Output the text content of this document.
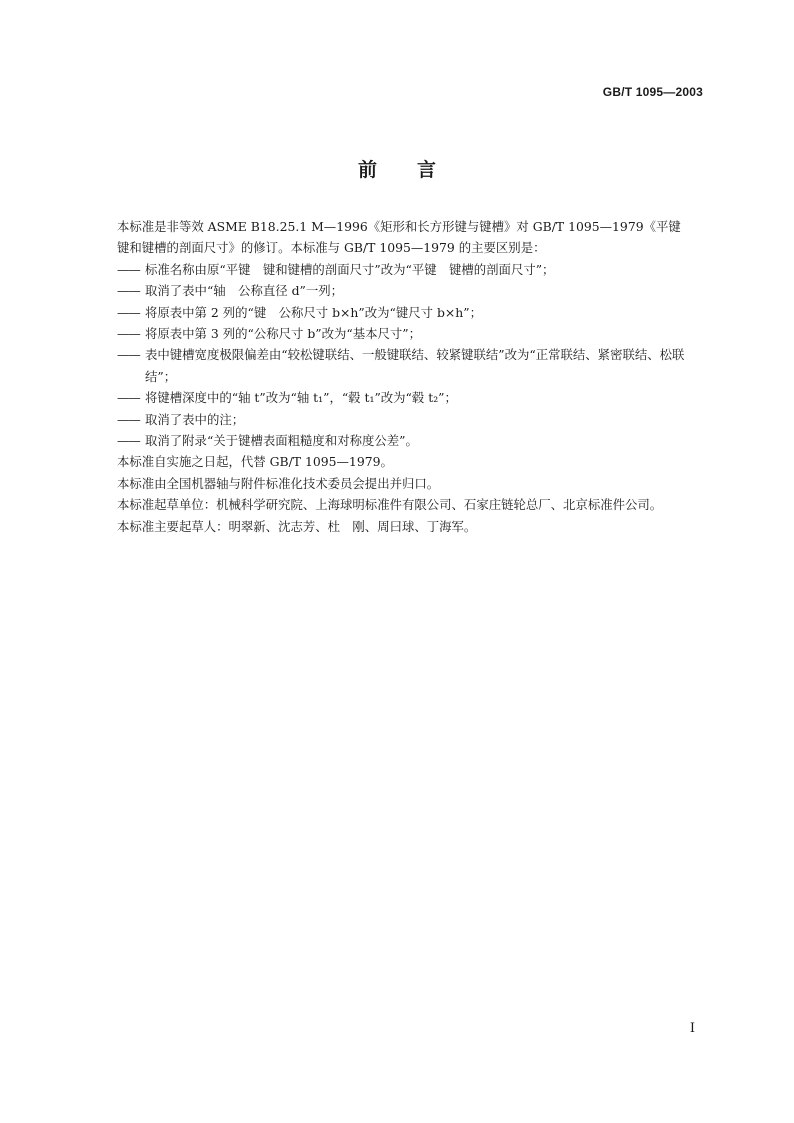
GB/T 1095—2003
前言
本标准是非等效 ASME B18.25.1 M—1996《矩形和长方形键与键槽》对 GB/T 1095—1979《平键
键和键槽的剖面尺寸》的修订。本标准与 GB/T 1095—1979 的主要区别是：
—— 标准名称由原“平键　键和键槽的剖面尺寸”改为“平键　键槽的剖面尺寸”；
—— 取消了表中“轴　公称直径 d”一列；
—— 将原表中第 2 列的“键　公称尺寸 b×h”改为“键尺寸 b×h”；
—— 将原表中第 3 列的“公称尺寸 b”改为“基本尺寸”；
—— 表中键槽宽度极限偏差由“较松键联结、一般键联结、较紧键联结”改为“正常联结、紧密联结、松联结”；
—— 将键槽深度中的“轴 t”改为“轴 t₁”，“毂 t₁”改为“毂 t₂”；
—— 取消了表中的注；
—— 取消了附录“关于键槽表面粗糙度和对称度公差”。
本标准自实施之日起，代替 GB/T 1095—1979。
本标准由全国机器轴与附件标准化技术委员会提出并归口。
本标准起草单位：机械科学研究院、上海球明标准件有限公司、石家庄链轮总厂、北京标准件公司。
本标准主要起草人：明翠新、沈志芳、杜　刚、周曰球、丁海军。
I
